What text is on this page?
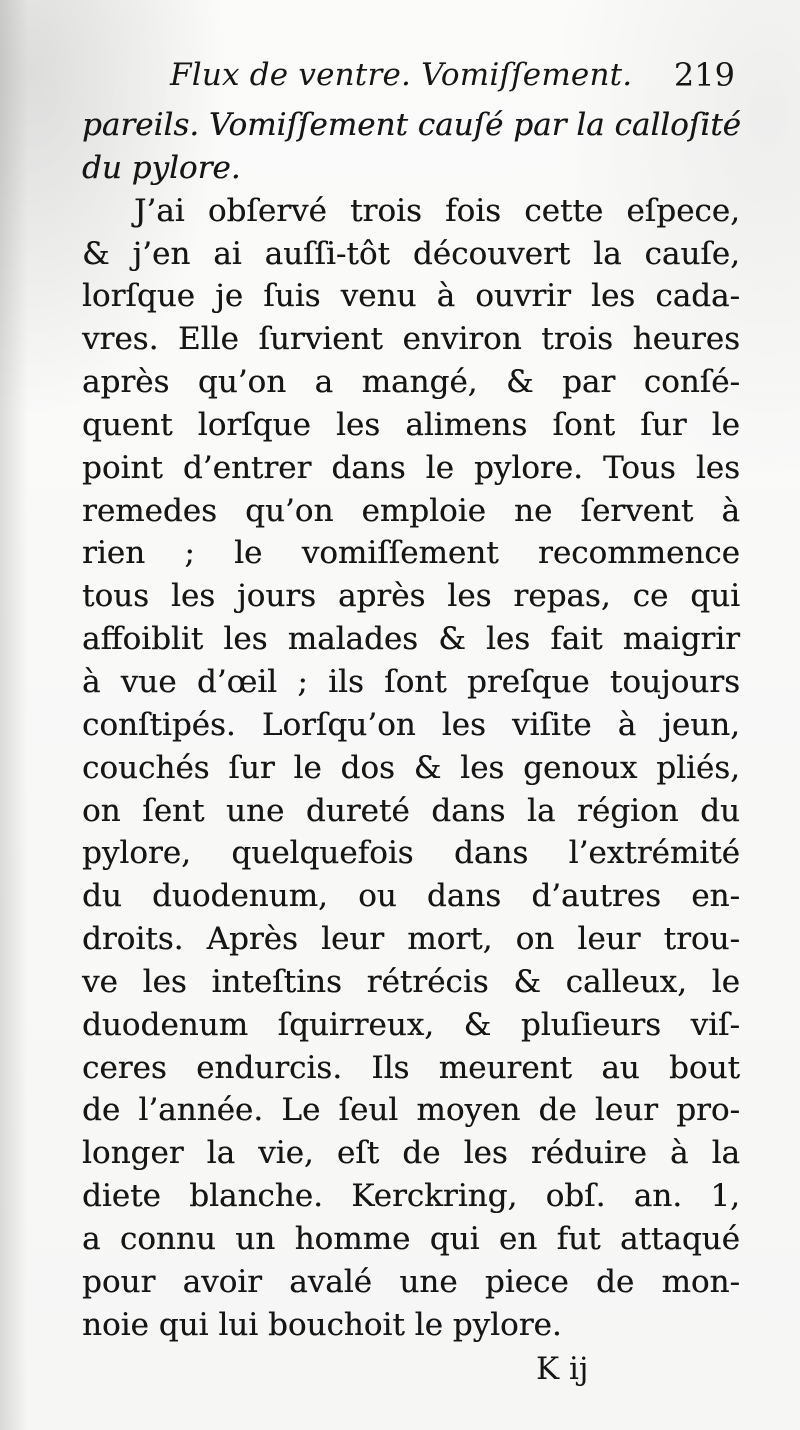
Flux de ventre. Vomiſſement. 219
pareils. Vomiſſement cauſé par la calloſité
du pylore.
J’ai obſervé trois fois cette eſpece,
& j’en ai auſſi-tôt découvert la cauſe,
lorſque je ſuis venu à ouvrir les cada-
vres. Elle ſurvient environ trois heures
après qu’on a mangé, & par conſé-
quent lorſque les alimens ſont ſur le
point d’entrer dans le pylore. Tous les
remedes qu’on emploie ne ſervent à
rien ; le vomiſſement recommence
tous les jours après les repas, ce qui
affoiblit les malades & les fait maigrir
à vue d’œil ; ils ſont preſque toujours
conſtipés. Lorſqu’on les viſite à jeun,
couchés ſur le dos & les genoux pliés,
on ſent une dureté dans la région du
pylore, quelquefois dans l’extrémité
du duodenum, ou dans d’autres en-
droits. Après leur mort, on leur trou-
ve les inteſtins rétrécis & calleux, le
duodenum ſquirreux, & pluſieurs viſ-
ceres endurcis. Ils meurent au bout
de l’année. Le ſeul moyen de leur pro-
longer la vie, eſt de les réduire à la
diete blanche. Kerckring, obſ. an. 1,
a connu un homme qui en fut attaqué
pour avoir avalé une piece de mon-
noie qui lui bouchoit le pylore.
K ij
